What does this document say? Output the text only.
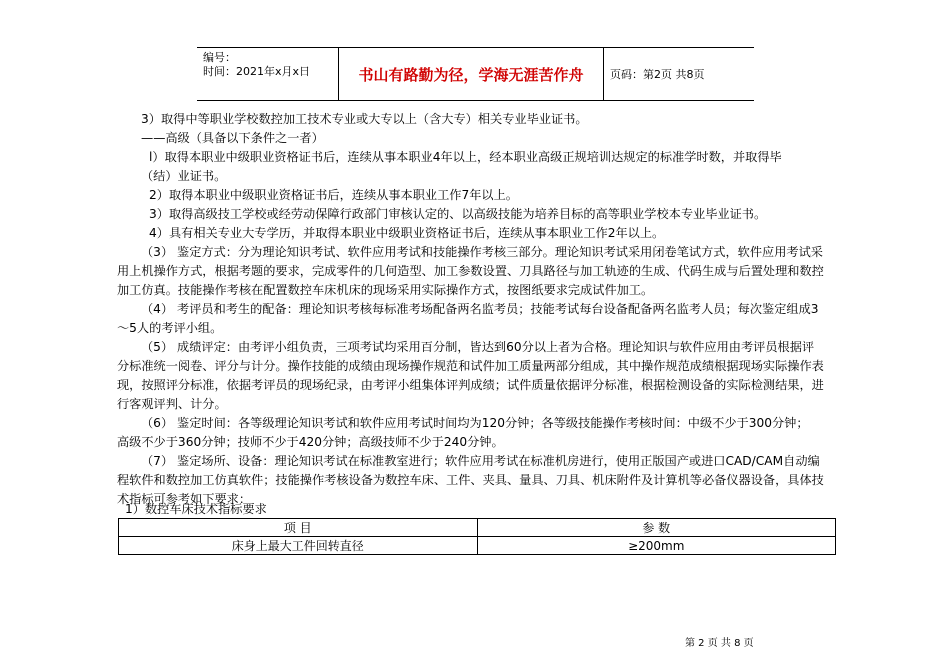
编号：
时间：2021年x月x日	书山有路勤为径，学海无涯苦作舟	页码：第2页 共8页

3）取得中等职业学校数控加工技术专业或大专以上（含大专）相关专业毕业证书。

——高级（具备以下条件之一者）

l）取得本职业中级职业资格证书后，连续从事本职业4年以上，经本职业高级正规培训达规定的标准学时数，并取得毕

（结）业证书。

2）取得本职业中级职业资格证书后，连续从事本职业工作7年以上。

3）取得高级技工学校或经劳动保障行政部门审核认定的、以高级技能为培养目标的高等职业学校本专业毕业证书。

4）具有相关专业大专学历，并取得本职业中级职业资格证书后，连续从事本职业工作2年以上。

（3） 鉴定方式：分为理论知识考试、软件应用考试和技能操作考核三部分。理论知识考试采用闭卷笔试方式，软件应用考试采

用上机操作方式，根据考题的要求，完成零件的几何造型、加工参数设置、刀具路径与加工轨迹的生成、代码生成与后置处理和数控

加工仿真。技能操作考核在配置数控车床机床的现场采用实际操作方式，按图纸要求完成试件加工。

（4） 考评员和考生的配备：理论知识考核每标准考场配备两名监考员；技能考试每台设备配备两名监考人员；每次鉴定组成3

～5人的考评小组。

（5） 成绩评定：由考评小组负责，三项考试均采用百分制，皆达到60分以上者为合格。理论知识与软件应用由考评员根据评

分标准统一阅卷、评分与计分。操作技能的成绩由现场操作规范和试件加工质量两部分组成，其中操作规范成绩根据现场实际操作表

现，按照评分标准，依据考评员的现场纪录，由考评小组集体评判成绩；试件质量依据评分标准，根据检测设备的实际检测结果，进

行客观评判、计分。

（6） 鉴定时间：各等级理论知识考试和软件应用考试时间均为120分钟；各等级技能操作考核时间：中级不少于300分钟；

高级不少于360分钟；技师不少于420分钟；高级技师不少于240分钟。

（7） 鉴定场所、设备：理论知识考试在标准教室进行；软件应用考试在标准机房进行，使用正版国产或进口CAD/CAM自动编

程软件和数控加工仿真软件；技能操作考核设备为数控车床、工件、夹具、量具、刀具、机床附件及计算机等必备仪器设备，具体技

术指标可参考如下要求：

1）数控车床技术指标要求
项 目	参 数
床身上最大工件回转直径	≥200mm
第 2 页 共 8 页
